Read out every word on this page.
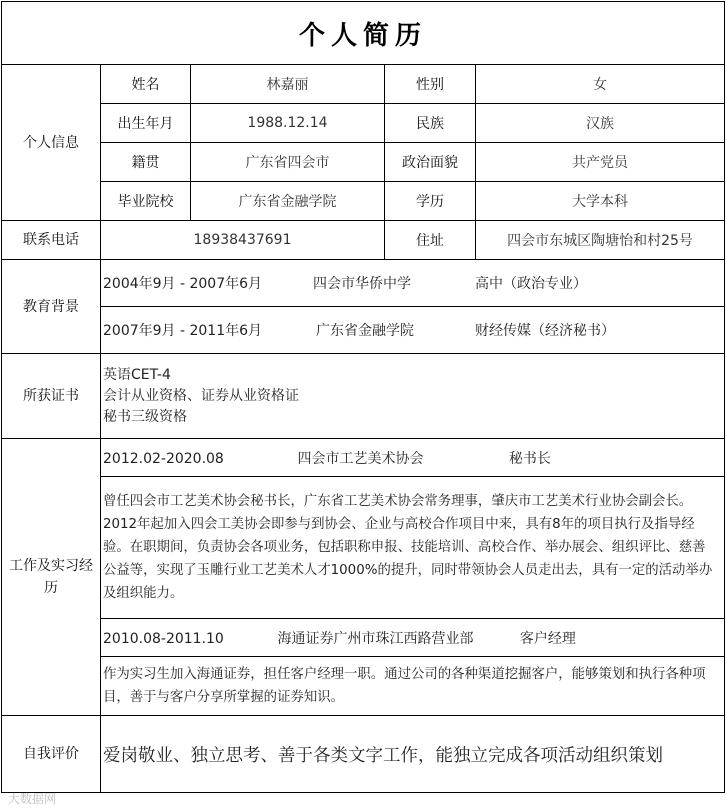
个人简历				
个人信息	姓名	林嘉丽	性别	女
	出生年月	1988.12.14	民族	汉族
	籍贯	广东省四会市	政治面貌	共产党员
	毕业院校	广东省金融学院	学历	大学本科
联系电话	18938437691		住址	四会市东城区陶塘怡和村25号
教育背景	2004年9月 - 2007年6月 四会市华侨中学 高中（政治专业）			

	2007年9月 - 2011年6月 广东省金融学院 财经传媒（经济秘书）			

所获证书	英语CET-4
会计从业资格、证券从业资格证
秘书三级资格			

工作及实习经历	2012.02-2020.08 四会市工艺美术协会 秘书长			
	曾任四会市工艺美术协会秘书长，广东省工艺美术协会常务理事，肇庆市工艺美术行业协会副会长。2012年起加入四会工美协会即参与到协会、企业与高校合作项目中来，具有8年的项目执行及指导经验。在职期间，负责协会各项业务，包括职称申报、技能培训、高校合作、举办展会、组织评比、慈善公益等，实现了玉雕行业工艺美术人才1000%的提升，同时带领协会人员走出去，具有一定的活动举办及组织能力。			
	2010.08-2011.10 海通证券广州市珠江西路营业部 客户经理			
	作为实习生加入海通证券，担任客户经理一职。通过公司的各种渠道挖掘客户，能够策划和执行各种项目，善于与客户分享所掌握的证券知识。			
自我评价	爱岗敬业、独立思考、善于各类文字工作，能独立完成各项活动组织策划			
大数据网
